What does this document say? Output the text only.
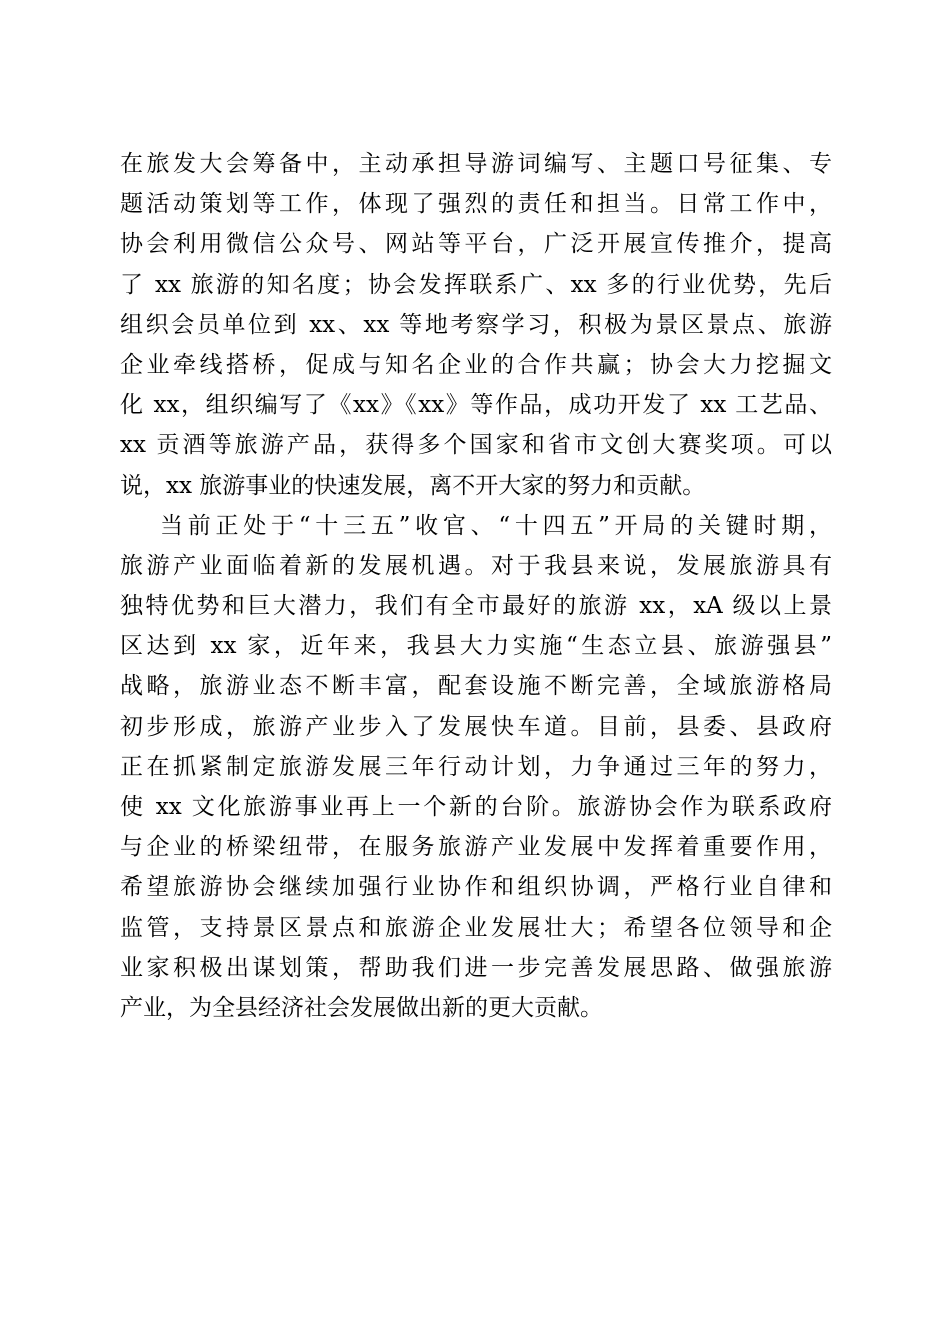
在旅发大会筹备中，主动承担导游词编写、主题口号征集、专
题活动策划等工作，体现了强烈的责任和担当。日常工作中，
协会利用微信公众号、网站等平台，广泛开展宣传推介，提高
了 xx 旅游的知名度；协会发挥联系广、xx 多的行业优势，先后
组织会员单位到 xx、xx 等地考察学习，积极为景区景点、旅游
企业牵线搭桥，促成与知名企业的合作共赢；协会大力挖掘文
化 xx，组织编写了《xx》《xx》等作品，成功开发了 xx 工艺品、
xx 贡酒等旅游产品，获得多个国家和省市文创大赛奖项。可以
说，xx 旅游事业的快速发展，离不开大家的努力和贡献。
当前正处于“十三五”收官、“十四五”开局的关键时期，
旅游产业面临着新的发展机遇。对于我县来说，发展旅游具有
独特优势和巨大潜力，我们有全市最好的旅游 xx，xA 级以上景
区达到 xx 家，近年来，我县大力实施“生态立县、旅游强县”
战略，旅游业态不断丰富，配套设施不断完善，全域旅游格局
初步形成，旅游产业步入了发展快车道。目前，县委、县政府
正在抓紧制定旅游发展三年行动计划，力争通过三年的努力，
使 xx 文化旅游事业再上一个新的台阶。旅游协会作为联系政府
与企业的桥梁纽带，在服务旅游产业发展中发挥着重要作用，
希望旅游协会继续加强行业协作和组织协调，严格行业自律和
监管，支持景区景点和旅游企业发展壮大；希望各位领导和企
业家积极出谋划策，帮助我们进一步完善发展思路、做强旅游
产业，为全县经济社会发展做出新的更大贡献。
